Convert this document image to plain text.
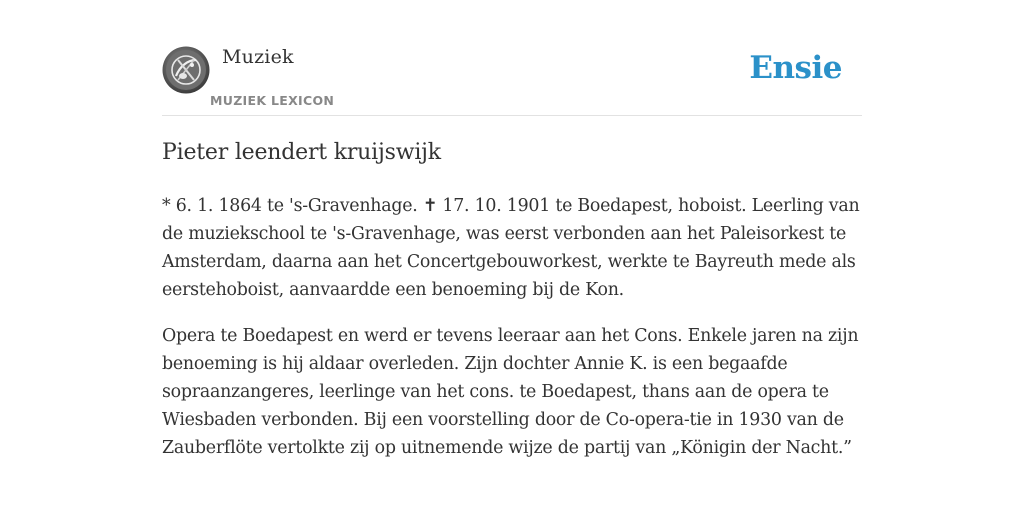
Muziek
MUZIEK LEXICON
Ensie
Pieter leendert kruijswijk

* 6. 1. 1864 te 's-Gravenhage. ✝ 17. 10. 1901 te Boedapest, hoboist. Leerling van de muziekschool te 's-Gravenhage, was eerst verbonden aan het Paleisorkest te Amsterdam, daarna aan het Concertgebouworkest, werkte te Bayreuth mede als eerstehoboist, aanvaardde een benoeming bij de Kon.

Opera te Boedapest en werd er tevens leeraar aan het Cons. Enkele jaren na zijn benoeming is hij aldaar overleden. Zijn dochter Annie K. is een begaafde sopraanzangeres, leerlinge van het cons. te Boedapest, thans aan de opera te Wiesbaden verbonden. Bij een voorstelling door de Co-opera-tie in 1930 van de Zauberflöte vertolkte zij op uitnemende wijze de partij van „Königin der Nacht.”
